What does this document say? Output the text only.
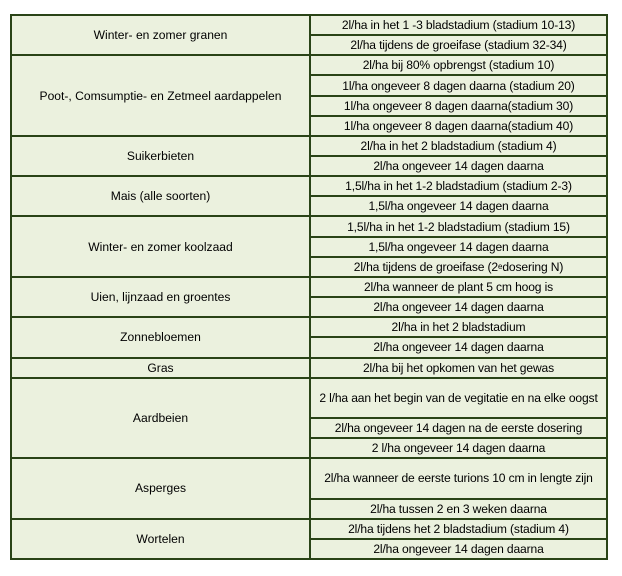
Winter- en zomer granen
2l/ha in het 1 -3 bladstadium (stadium 10-13)
2l/ha tijdens de groeifase (stadium 32-34)
Poot-, Comsumptie- en Zetmeel aardappelen
2l/ha bij 80% opbrengst (stadium 10)
1l/ha ongeveer 8 dagen daarna (stadium 20)
1l/ha ongeveer 8 dagen daarna(stadium 30)
1l/ha ongeveer 8 dagen daarna(stadium 40)
Suikerbieten
2l/ha in het 2 bladstadium (stadium 4)
2l/ha ongeveer 14 dagen daarna
Mais (alle soorten)
1,5l/ha in het 1-2 bladstadium (stadium 2-3)
1,5l/ha ongeveer 14 dagen daarna
Winter- en zomer koolzaad
1,5l/ha in het 1-2 bladstadium (stadium 15)
1,5l/ha ongeveer 14 dagen daarna
2l/ha tijdens de groeifase (2 e dosering N)
Uien, lijnzaad en groentes
2l/ha wanneer de plant 5 cm hoog is
2l/ha ongeveer 14 dagen daarna
Zonnebloemen
2l/ha in het 2 bladstadium
2l/ha ongeveer 14 dagen daarna
Gras	2l/ha bij het opkomen van het gewas
Aardbeien
2 l/ha aan het begin van de vegitatie en na elke oogst
2l/ha ongeveer 14 dagen na de eerste dosering
2 l/ha ongeveer 14 dagen daarna
Asperges
2l/ha wanneer de eerste turions 10 cm in lengte zijn
2l/ha tussen 2 en 3 weken daarna
Wortelen
2l/ha tijdens het 2 bladstadium (stadium 4)
2l/ha ongeveer 14 dagen daarna
